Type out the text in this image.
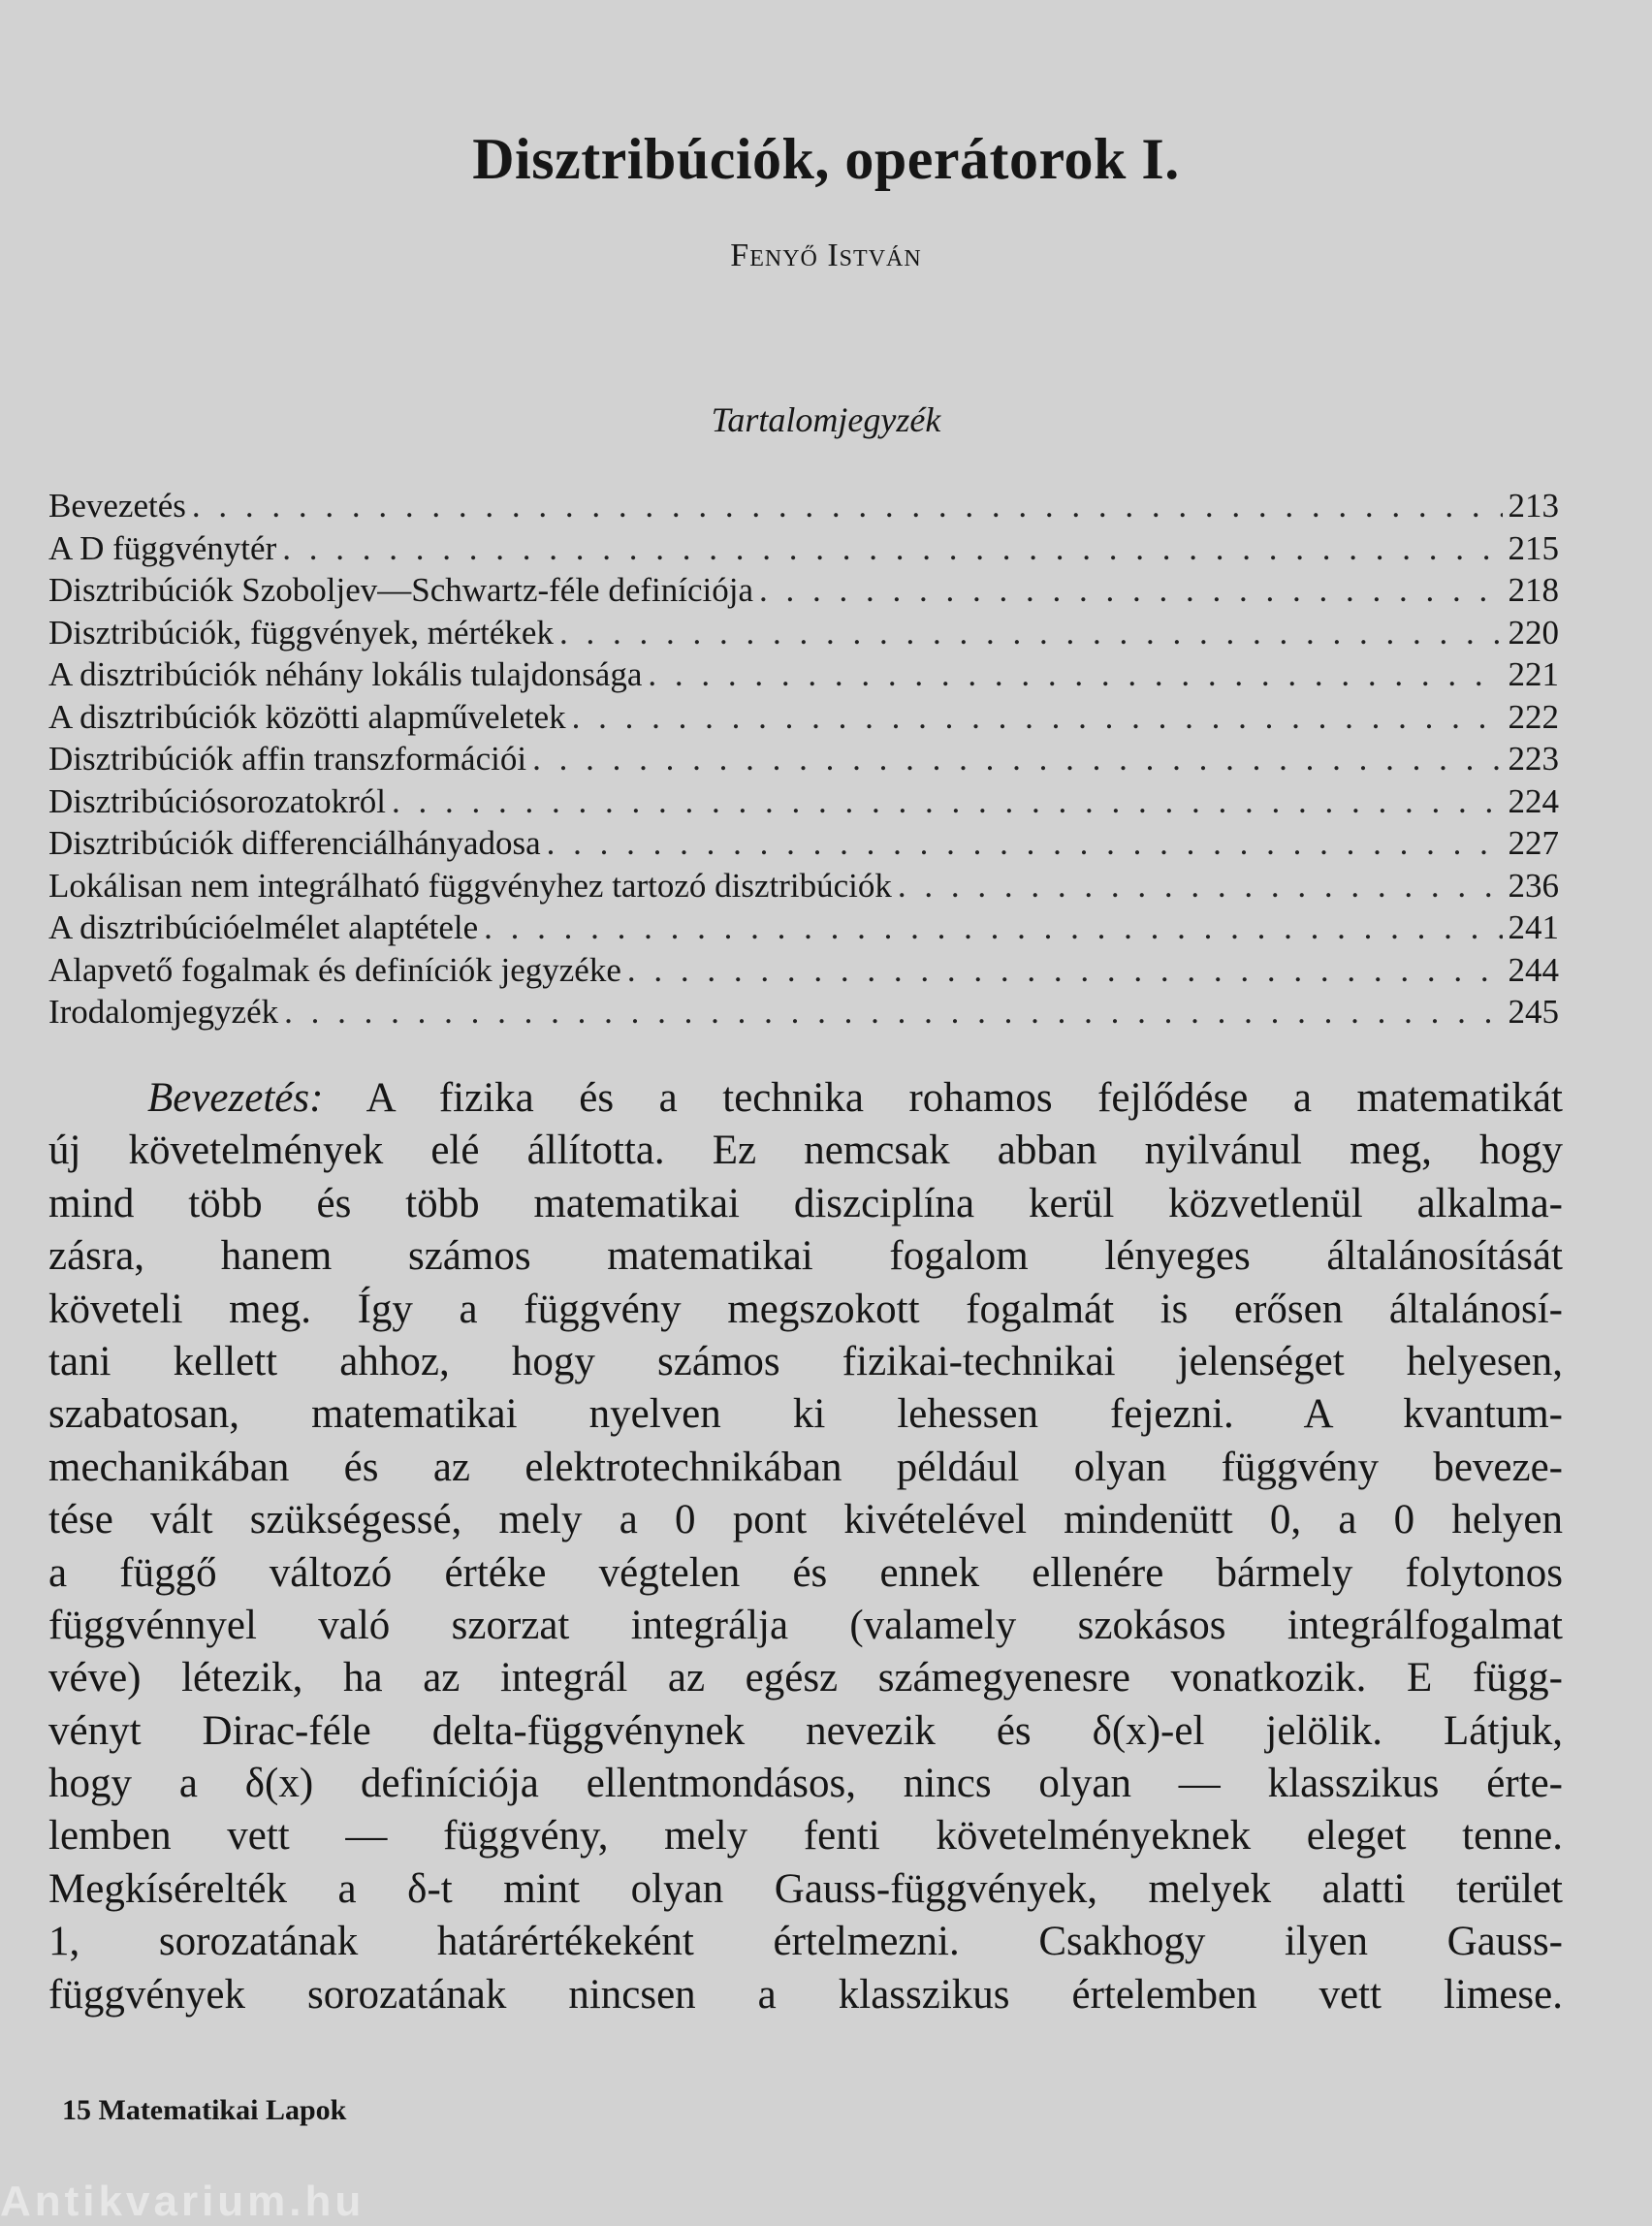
Disztribúciók, operátorok I.
Fenyő István
Tartalomjegyzék
Bevezetés . . .	213
A D függvénytér . . .	215
Disztribúciók Szoboljev—Schwartz-féle definíciója . . .	218
Disztribúciók, függvények, mértékek . . .	220
A disztribúciók néhány lokális tulajdonsága . . .	221
A disztribúciók közötti alapműveletek . . .	222
Disztribúciók affin transzformációi . . .	223
Disztribúciósorozatokról . . .	224
Disztribúciók differenciálhányadosa . . .	227
Lokálisan nem integrálható függvényhez tartozó disztribúciók . . .	236
A disztribúcióelmélet alaptétele . . .	241
Alapvető fogalmak és definíciók jegyzéke . . .	244
Irodalomjegyzék . . .	245
Bevezetés: A fizika és a technika rohamos fejlődése a matematikát
új követelmények elé állította. Ez nemcsak abban nyilvánul meg, hogy
mind több és több matematikai diszciplína kerül közvetlenül alkalma-
zásra, hanem számos matematikai fogalom lényeges általánosítását
követeli meg. Így a függvény megszokott fogalmát is erősen általánosí-
tani kellett ahhoz, hogy számos fizikai-technikai jelenséget helyesen,
szabatosan, matematikai nyelven ki lehessen fejezni. A kvantum-
mechanikában és az elektrotechnikában például olyan függvény beveze-
tése vált szükségessé, mely a 0 pont kivételével mindenütt 0, a 0 helyen
a függő változó értéke végtelen és ennek ellenére bármely folytonos
függvénnyel való szorzat integrálja (valamely szokásos integrálfogalmat
véve) létezik, ha az integrál az egész számegyenesre vonatkozik. E függ-
vényt Dirac-féle delta-függvénynek nevezik és δ(x)-el jelölik. Látjuk,
hogy a δ(x) definíciója ellentmondásos, nincs olyan — klasszikus érte-
lemben vett — függvény, mely fenti követelményeknek eleget tenne.
Megkísérelték a δ-t mint olyan Gauss-függvények, melyek alatti terület
1, sorozatának határértékeként értelmezni. Csakhogy ilyen Gauss-
függvények sorozatának nincsen a klasszikus értelemben vett limese.
15 Matematikai Lapok
Antikvarium.hu
